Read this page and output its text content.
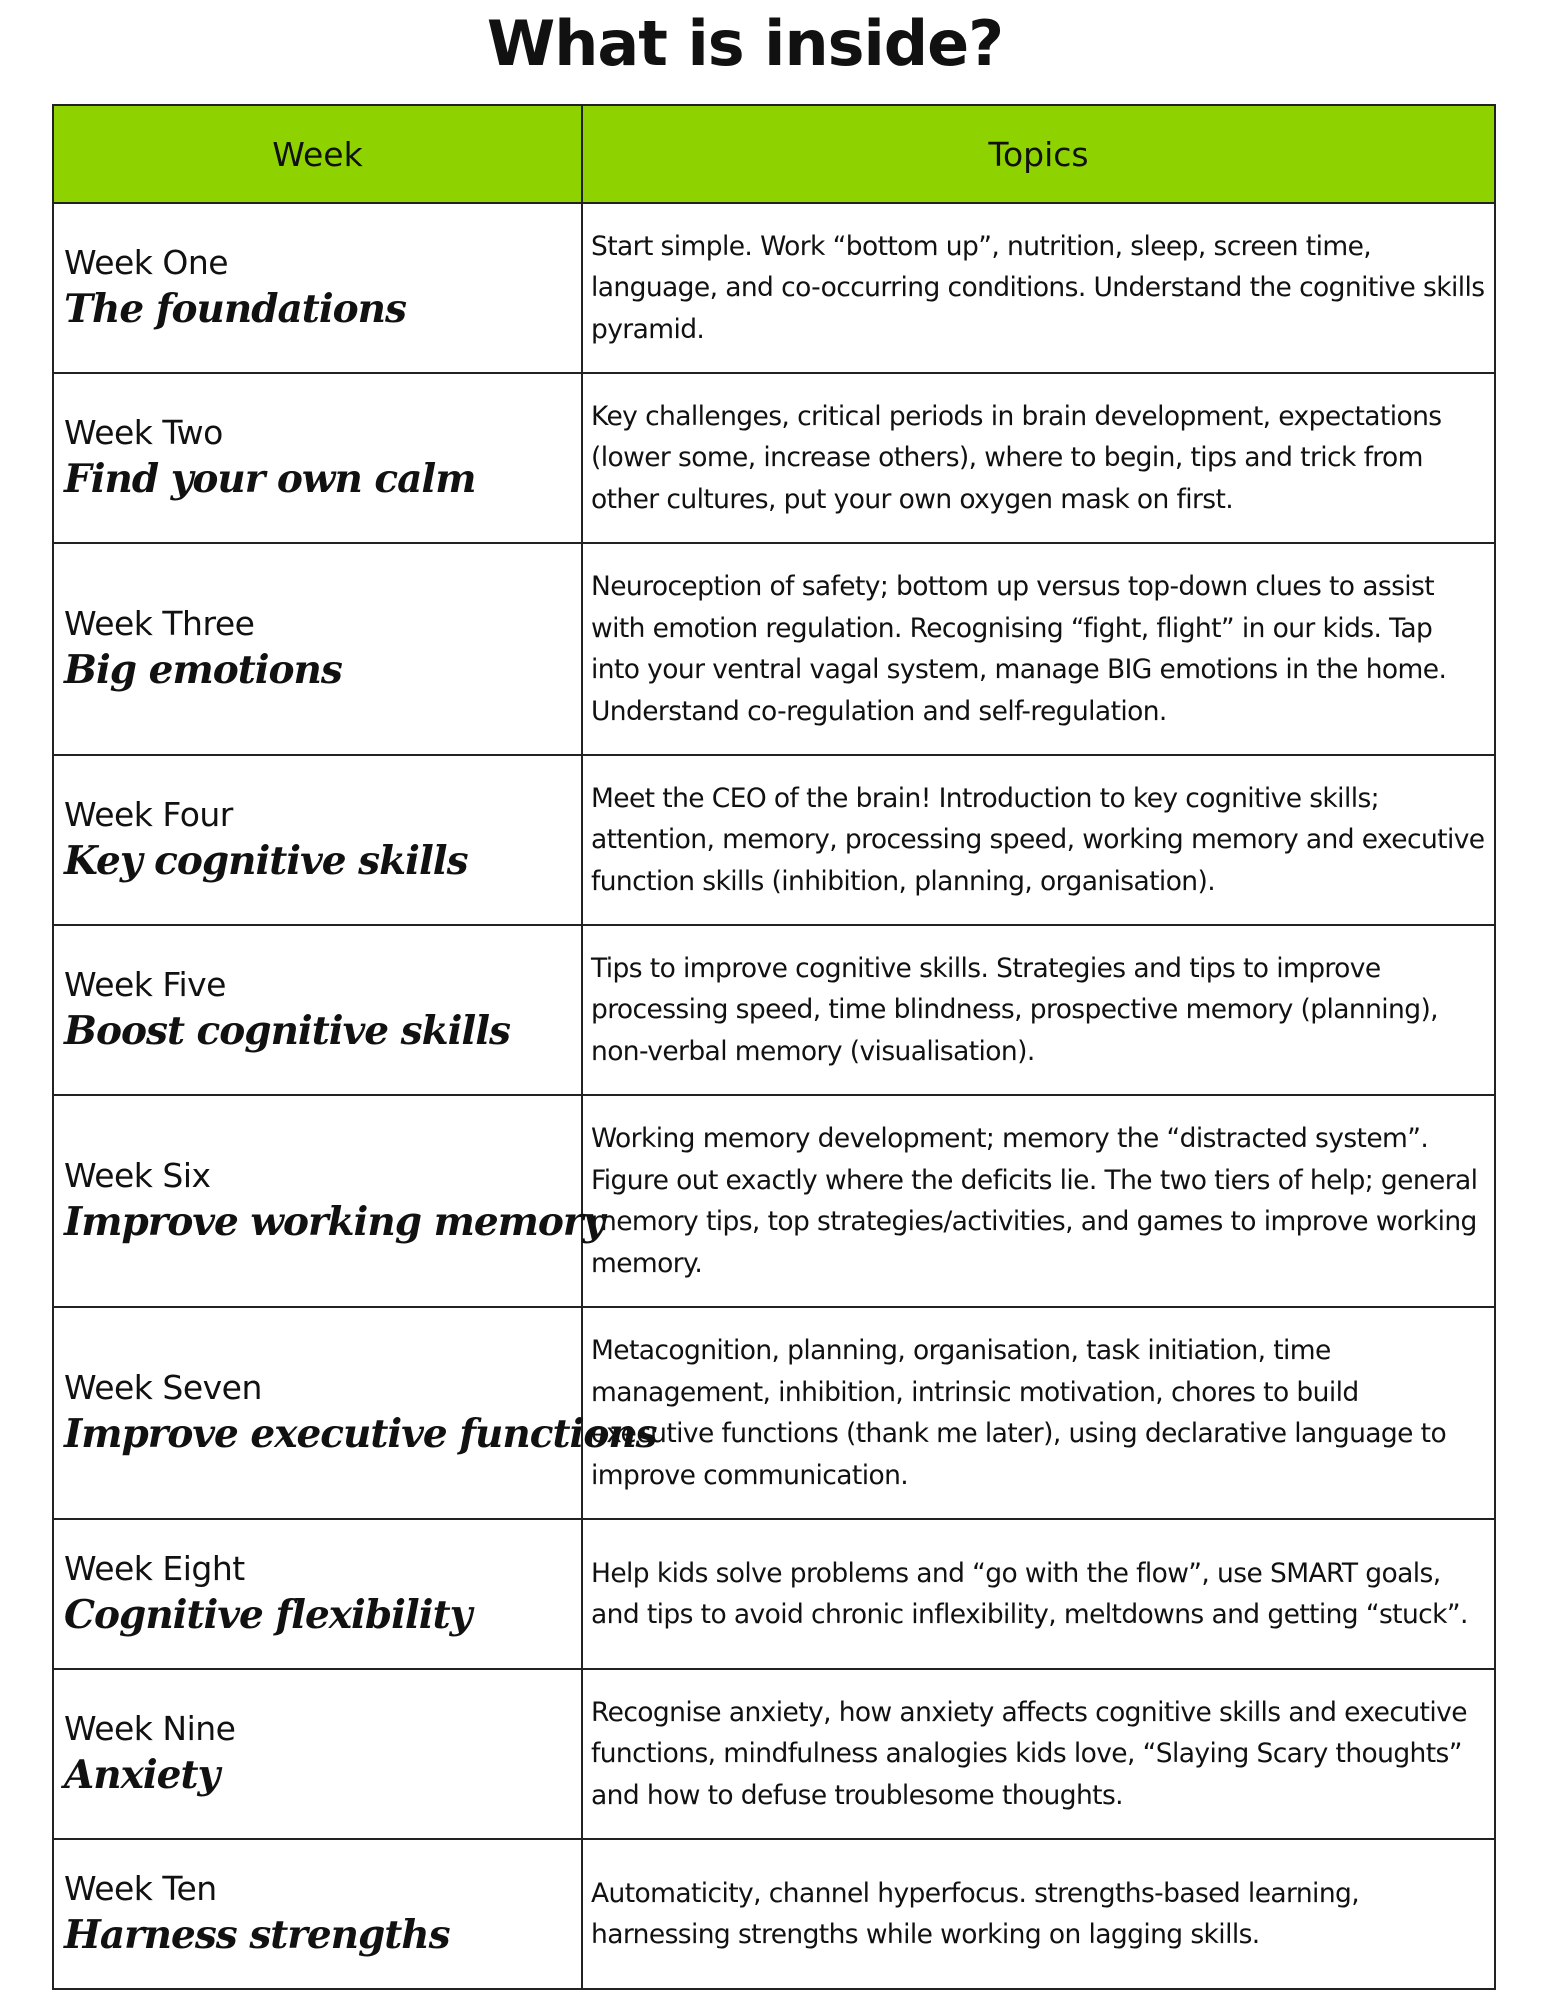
What is inside?
Week	Topics

Week One
The foundations	Start simple. Work “bottom up”, nutrition, sleep, screen time, language, and co-occurring conditions. Understand the cognitive skills pyramid.

Week Two
Find your own calm	Key challenges, critical periods in brain development, expectations (lower some, increase others), where to begin, tips and trick from other cultures, put your own oxygen mask on first.

Week Three
Big emotions	Neuroception of safety; bottom up versus top-down clues to assist with emotion regulation. Recognising “fight, flight” in our kids. Tap into your ventral vagal system, manage BIG emotions in the home. Understand co-regulation and self-regulation.

Week Four
Key cognitive skills	Meet the CEO of the brain! Introduction to key cognitive skills; attention, memory, processing speed, working memory and executive function skills (inhibition, planning, organisation).

Week Five
Boost cognitive skills	Tips to improve cognitive skills. Strategies and tips to improve processing speed, time blindness, prospective memory (planning), non-verbal memory (visualisation).

Week Six
Improve working memory	Working memory development; memory the “distracted system”. Figure out exactly where the deficits lie. The two tiers of help; general memory tips, top strategies/activities, and games to improve working memory.

Week Seven
Improve executive functions	Metacognition, planning, organisation, task initiation, time management, inhibition, intrinsic motivation, chores to build executive functions (thank me later), using declarative language to improve communication.

Week Eight
Cognitive flexibility	Help kids solve problems and “go with the flow”, use SMART goals, and tips to avoid chronic inflexibility, meltdowns and getting “stuck”.

Week Nine
Anxiety	Recognise anxiety, how anxiety affects cognitive skills and executive functions, mindfulness analogies kids love, “Slaying Scary thoughts” and how to defuse troublesome thoughts.

Week Ten
Harness strengths	Automaticity, channel hyperfocus. strengths-based learning, harnessing strengths while working on lagging skills.
